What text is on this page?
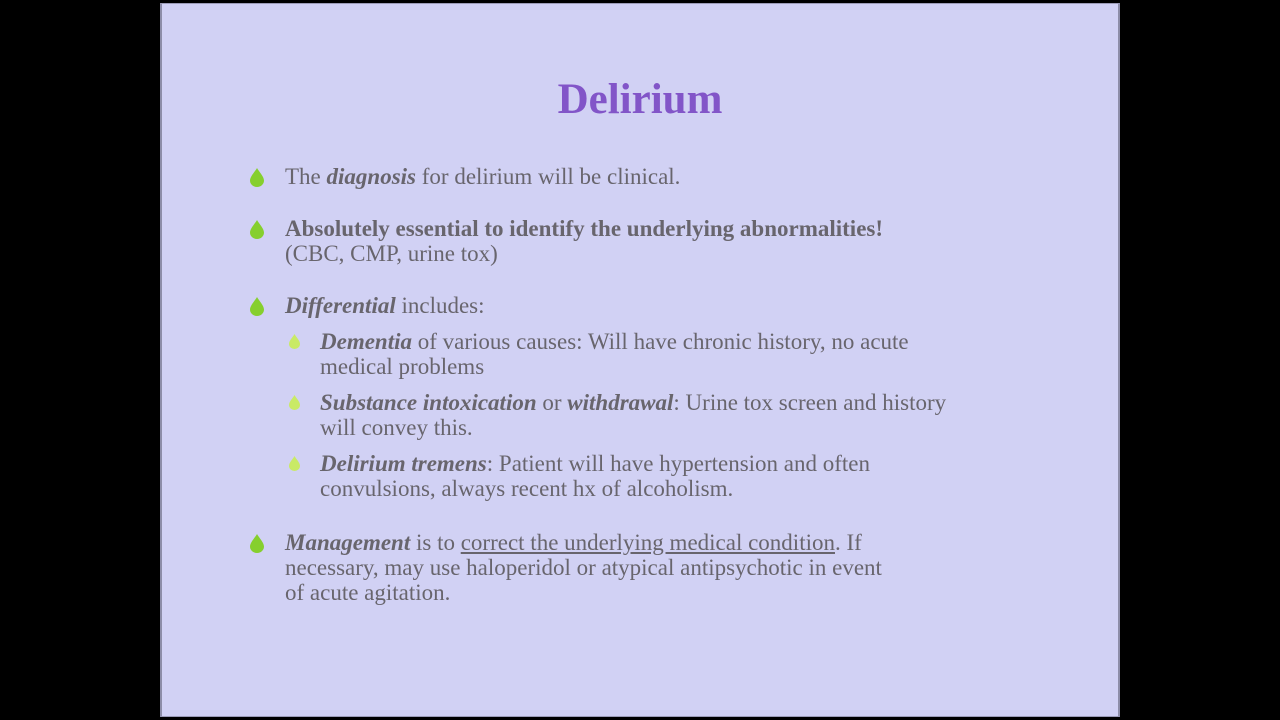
Delirium
The diagnosis for delirium will be clinical.
Absolutely essential to identify the underlying abnormalities!
(CBC, CMP, urine tox)
Differential includes:
Dementia of various causes: Will have chronic history, no acute
medical problems
Substance intoxication or withdrawal: Urine tox screen and history
will convey this.
Delirium tremens: Patient will have hypertension and often
convulsions, always recent hx of alcoholism.
Management is to correct the underlying medical condition. If
necessary, may use haloperidol or atypical antipsychotic in event
of acute agitation.
